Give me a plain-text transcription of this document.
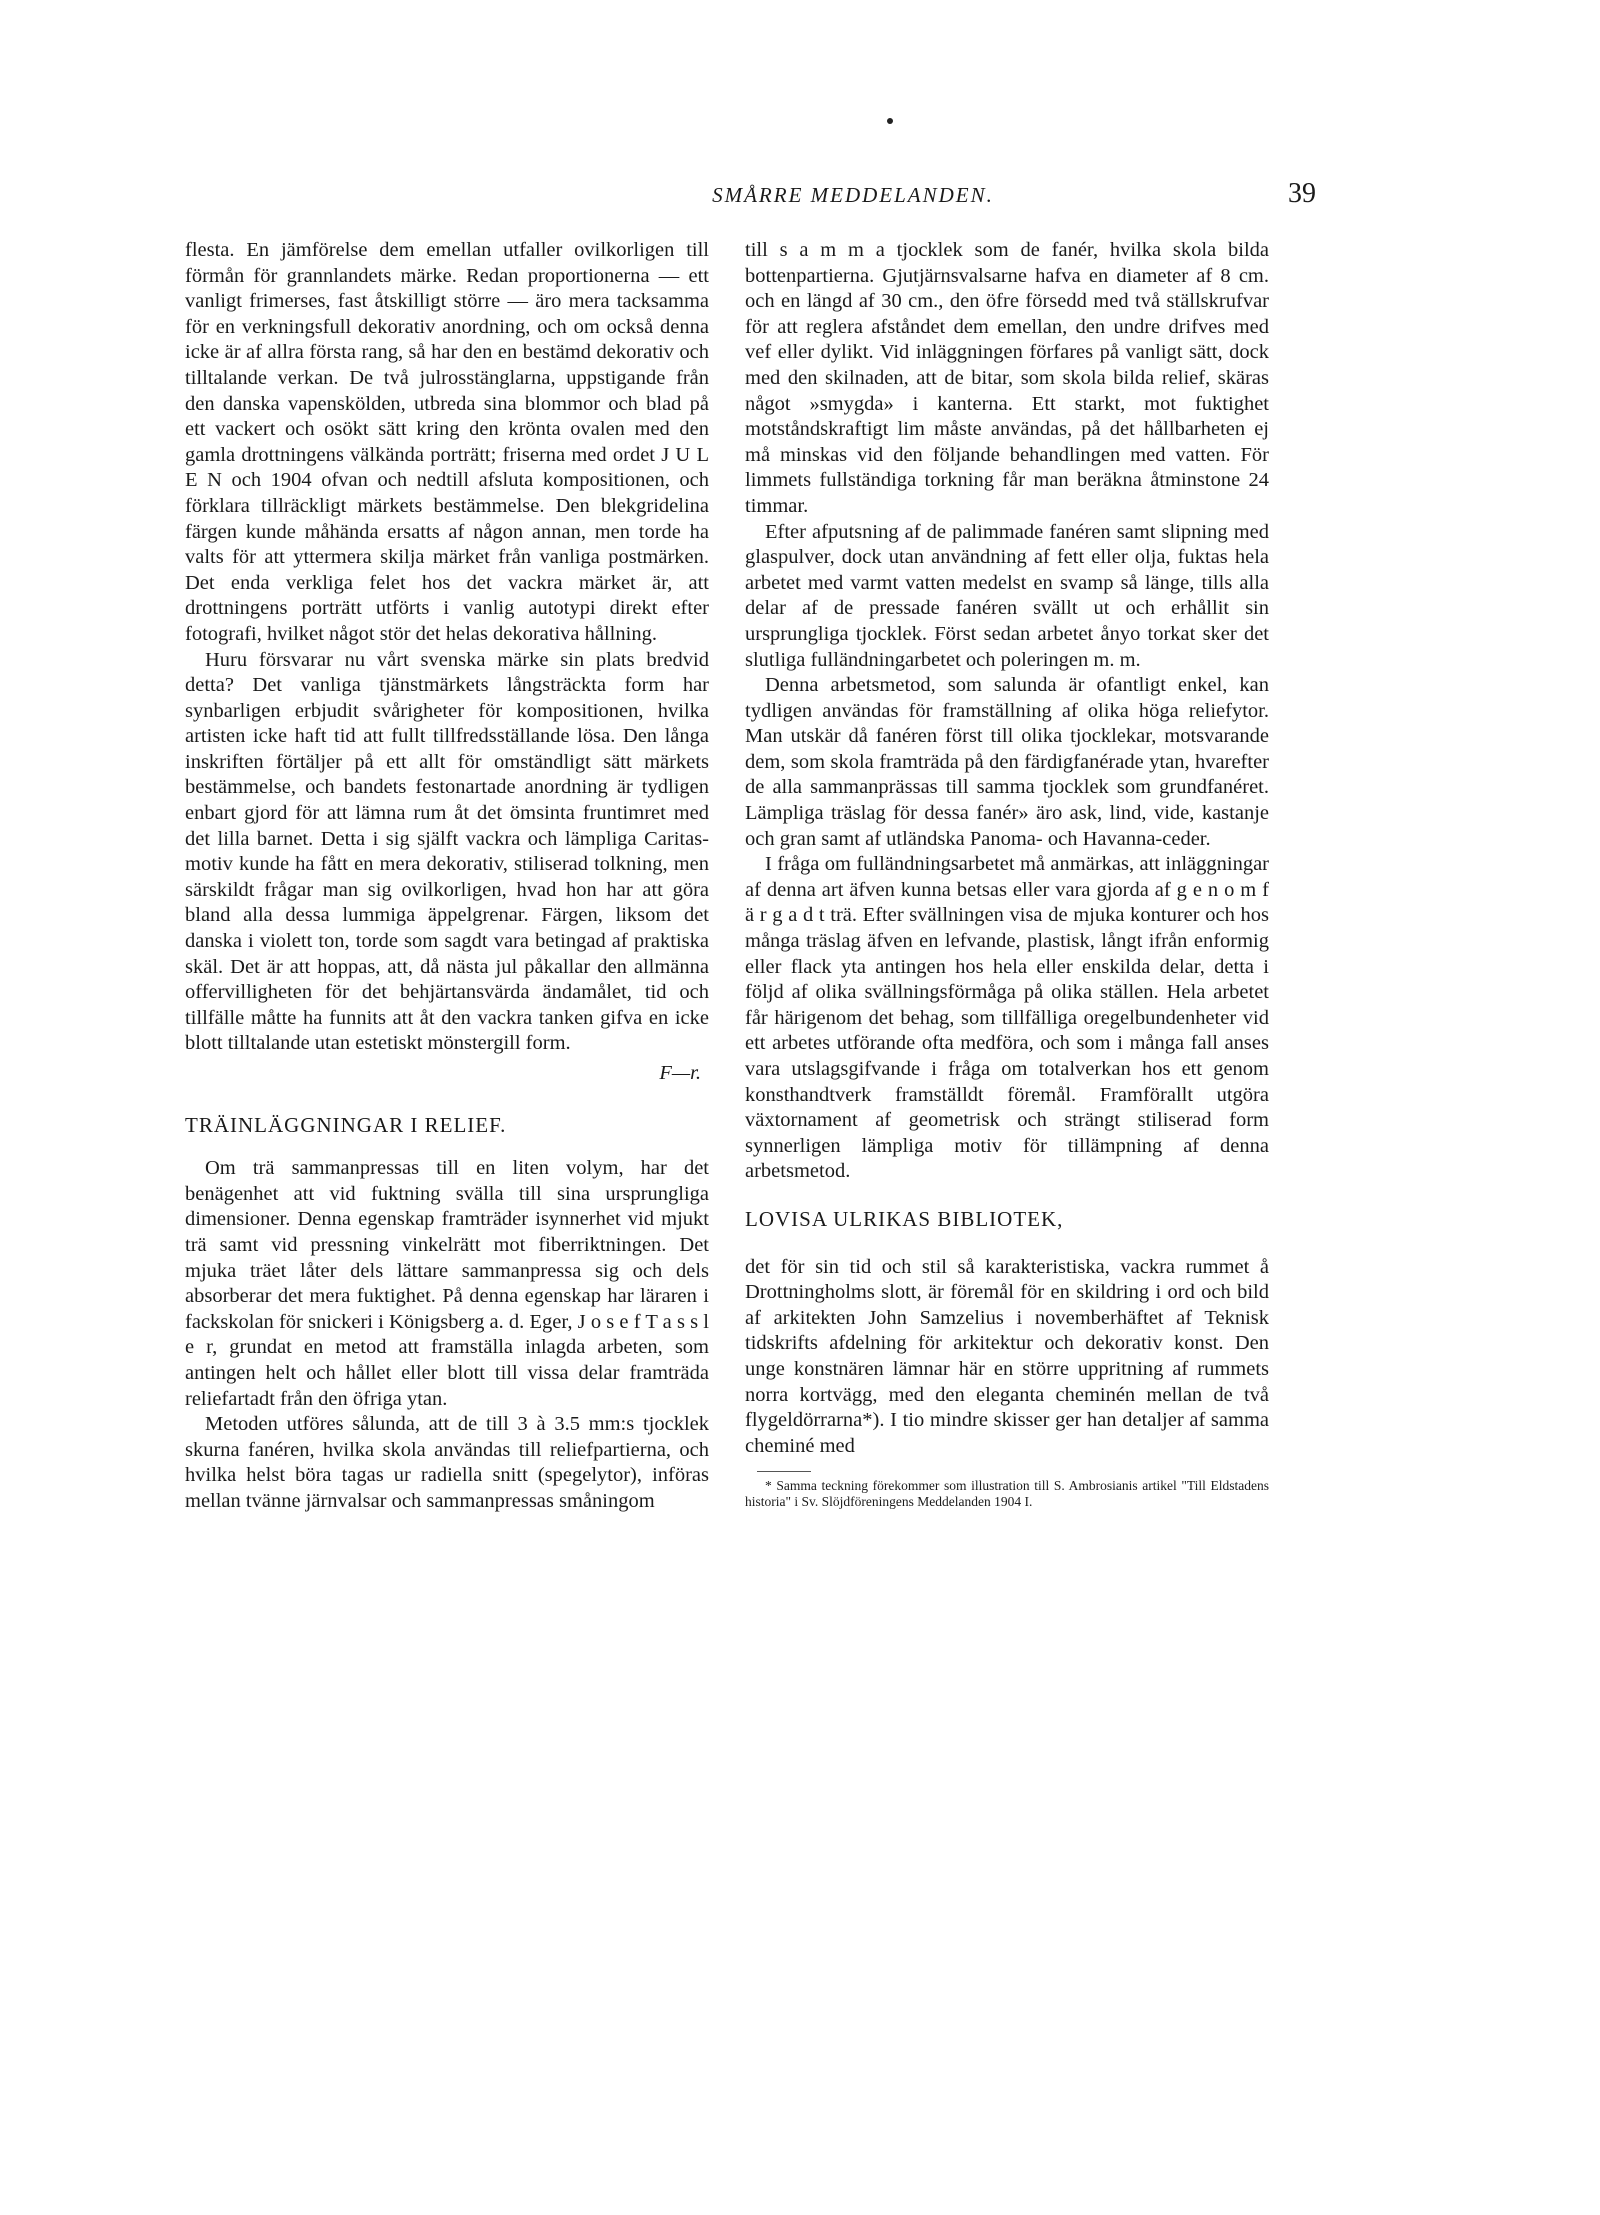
SMÅRRE MEDDELANDEN.	39

flesta. En jämförelse dem emellan utfaller ovilkorligen till förmån för grannlandets märke. Redan proportionerna — ett vanligt frimerses, fast åtskilligt större — äro mera tacksamma för en verkningsfull dekorativ anordning, och om också denna icke är af allra första rang, så har den en bestämd dekorativ och tilltalande verkan. De två julrosstänglarna, uppstigande från den danska vapenskölden, utbreda sina blommor och blad på ett vackert och osökt sätt kring den krönta ovalen med den gamla drottningens välkända porträtt; friserna med ordet J U L E N och 1904 ofvan och nedtill afsluta kompositionen, och förklara tillräckligt märkets bestämmelse. Den blekgridelina färgen kunde måhända ersatts af någon annan, men torde ha valts för att yttermera skilja märket från vanliga postmärken. Det enda verkliga felet hos det vackra märket är, att drottningens porträtt utförts i vanlig autotypi direkt efter fotografi, hvilket något stör det helas dekorativa hållning.

Huru försvarar nu vårt svenska märke sin plats bredvid detta? Det vanliga tjänstmärkets långsträckta form har synbarligen erbjudit svårigheter för kompositionen, hvilka artisten icke haft tid att fullt tillfredsställande lösa. Den långa inskriften förtäljer på ett allt för omständligt sätt märkets bestämmelse, och bandets festonartade anordning är tydligen enbart gjord för att lämna rum åt det ömsinta fruntimret med det lilla barnet. Detta i sig själft vackra och lämpliga Caritas-motiv kunde ha fått en mera dekorativ, stiliserad tolkning, men särskildt frågar man sig ovilkorligen, hvad hon har att göra bland alla dessa lummiga äppelgrenar. Färgen, liksom det danska i violett ton, torde som sagdt vara betingad af praktiska skäl. Det är att hoppas, att, då nästa jul påkallar den allmänna offervilligheten för det behjärtansvärda ändamålet, tid och tillfälle måtte ha funnits att åt den vackra tanken gifva en icke blott tilltalande utan estetiskt mönstergill form.

F—r.
TRÄINLÄGGNINGAR I RELIEF.

Om trä sammanpressas till en liten volym, har det benägenhet att vid fuktning svälla till sina ursprungliga dimensioner. Denna egenskap framträder isynnerhet vid mjukt trä samt vid pressning vinkelrätt mot fiberriktningen. Det mjuka träet låter dels lättare sammanpressa sig och dels absorberar det mera fuktighet. På denna egenskap har läraren i fackskolan för snickeri i Königsberg a. d. Eger, J o s e f T a s s l e r, grundat en metod att framställa inlagda arbeten, som antingen helt och hållet eller blott till vissa delar framträda reliefartadt från den öfriga ytan.

Metoden utföres sålunda, att de till 3 à 3.5 mm:s tjocklek skurna fanéren, hvilka skola användas till reliefpartierna, och hvilka helst böra tagas ur radiella snitt (spegelytor), införas mellan tvänne järnvalsar och sammanpressas småningom

till s a m m a tjocklek som de fanér, hvilka skola bilda bottenpartierna. Gjutjärnsvalsarne hafva en diameter af 8 cm. och en längd af 30 cm., den öfre försedd med två ställskrufvar för att reglera afståndet dem emellan, den undre drifves med vef eller dylikt. Vid inläggningen förfares på vanligt sätt, dock med den skilnaden, att de bitar, som skola bilda relief, skäras något »smygda» i kanterna. Ett starkt, mot fuktighet motståndskraftigt lim måste användas, på det hållbarheten ej må minskas vid den följande behandlingen med vatten. För limmets fullständiga torkning får man beräkna åtminstone 24 timmar.

Efter afputsning af de palimmade fanéren samt slipning med glaspulver, dock utan användning af fett eller olja, fuktas hela arbetet med varmt vatten medelst en svamp så länge, tills alla delar af de pressade fanéren svällt ut och erhållit sin ursprungliga tjocklek. Först sedan arbetet ånyo torkat sker det slutliga fulländningarbetet och poleringen m. m.

Denna arbetsmetod, som salunda är ofantligt enkel, kan tydligen användas för framställning af olika höga reliefytor. Man utskär då fanéren först till olika tjocklekar, motsvarande dem, som skola framträda på den färdigfanérade ytan, hvarefter de alla sammanprässas till samma tjocklek som grundfanéret. Lämpliga träslag för dessa fanér» äro ask, lind, vide, kastanje och gran samt af utländska Panoma- och Havanna-ceder.

I fråga om fulländningsarbetet må anmärkas, att inläggningar af denna art äfven kunna betsas eller vara gjorda af g e n o m f ä r g a d t trä. Efter svällningen visa de mjuka konturer och hos många träslag äfven en lefvande, plastisk, långt ifrån enformig eller flack yta antingen hos hela eller enskilda delar, detta i följd af olika svällningsförmåga på olika ställen. Hela arbetet får härigenom det behag, som tillfälliga oregelbundenheter vid ett arbetes utförande ofta medföra, och som i många fall anses vara utslagsgifvande i fråga om totalverkan hos ett genom konsthandtverk framställdt föremål. Framförallt utgöra växtornament af geometrisk och strängt stiliserad form synnerligen lämpliga motiv för tillämpning af denna arbetsmetod.

LOVISA ULRIKAS BIBLIOTEK,

det för sin tid och stil så karakteristiska, vackra rummet å Drottningholms slott, är föremål för en skildring i ord och bild af arkitekten John Samzelius i novemberhäftet af Teknisk tidskrifts afdelning för arkitektur och dekorativ konst. Den unge konstnären lämnar här en större uppritning af rummets norra kortvägg, med den eleganta cheminén mellan de två flygeldörrarna*). I tio mindre skisser ger han detaljer af samma cheminé med

* Samma teckning förekommer som illustration till S. Ambrosianis artikel "Till Eldstadens historia" i Sv. Slöjdföreningens Meddelanden 1904 I.
